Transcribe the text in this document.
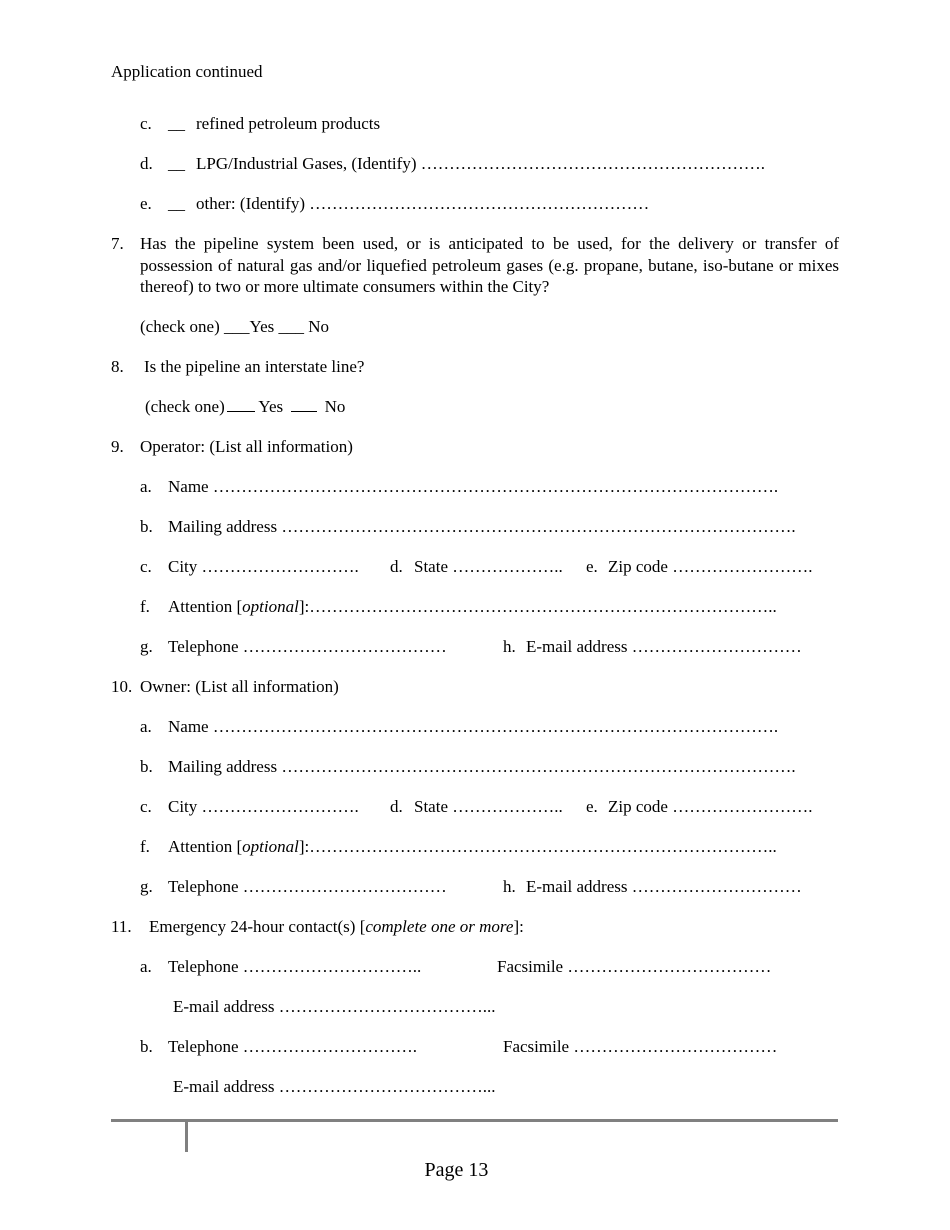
Application continued
c. __ refined petroleum products
d. __ LPG/Industrial Gases, (Identify) …………………………………………………….
e. __ other: (Identify) ……………………………………………………
7. Has the pipeline system been used, or is anticipated to be used, for the delivery or transfer of possession of natural gas and/or liquefied petroleum gases (e.g. propane, butane, iso-butane or mixes thereof) to two or more ultimate consumers within the City?
(check one) ___Yes ___ No
8. Is the pipeline an interstate line?
(check one) Yes No
9. Operator: (List all information)
a. Name ……………………………………………………………………………………….
b. Mailing address ……………………………………………………………………………….
c. City ………………………. d. State ……………….. e. Zip code …………………….
f. Attention [optional]:………………………………………………………………………..
g. Telephone ………………………………	h. E-mail address …………………………
10. Owner: (List all information)
a. Name ……………………………………………………………………………………….
b. Mailing address ……………………………………………………………………………….
c. City ………………………. d. State ……………….. e. Zip code …………………….
f. Attention [optional]:………………………………………………………………………..
g. Telephone ………………………………	h. E-mail address …………………………
11. Emergency 24-hour contact(s) [complete one or more]:
a. Telephone …………………………..	Facsimile ………………………………
E-mail address ………………………………...
b. Telephone ………………………….	Facsimile ………………………………
E-mail address ………………………………...
Page 13
